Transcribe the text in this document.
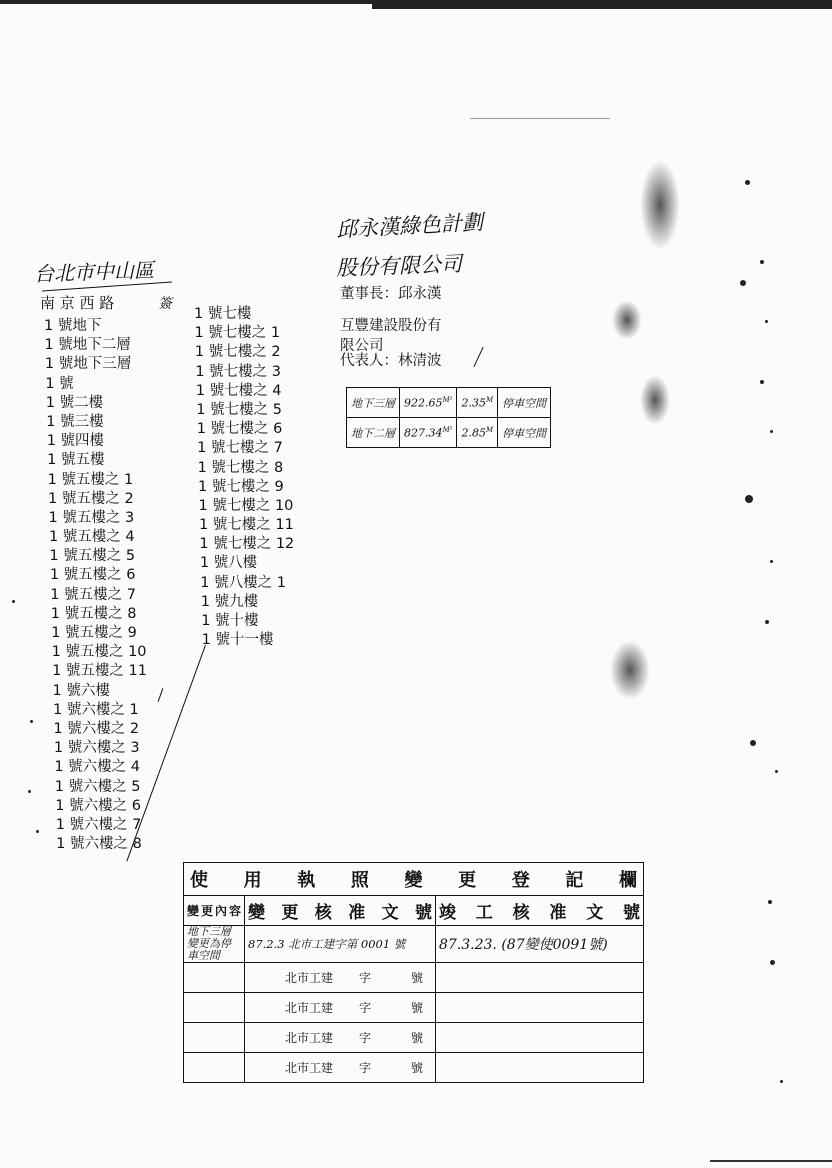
邱永漢綠色計劃
股份有限公司
董事長：邱永漢
互豐建設股份有
限公司
代表人：林清波
地下三層	$922.65^{M^2}$	$2.35^M$	停車空間
地下二層	$827.34^{M^2}$	$2.85^M$	停車空間
台北市中山區
南 京 西 路	簽
1 號地下
1 號地下二層
1 號地下三層
1 號
1 號二樓
1 號三樓
1 號四樓
1 號五樓
1 號五樓之 1
1 號五樓之 2
1 號五樓之 3
1 號五樓之 4
1 號五樓之 5
1 號五樓之 6
1 號五樓之 7
1 號五樓之 8
1 號五樓之 9
1 號五樓之 10
1 號五樓之 11
1 號六樓
1 號六樓之 1
1 號六樓之 2
1 號六樓之 3
1 號六樓之 4
1 號六樓之 5
1 號六樓之 6
1 號六樓之 7
1 號六樓之 8
1 號七樓
1 號七樓之 1
1 號七樓之 2
1 號七樓之 3
1 號七樓之 4
1 號七樓之 5
1 號七樓之 6
1 號七樓之 7
1 號七樓之 8
1 號七樓之 9
1 號七樓之 10
1 號七樓之 11
1 號七樓之 12
1 號八樓
1 號八樓之 1
1 號九樓
1 號十樓
1 號十一樓
使 用 執 照 變 更 登 記 欄		
變更內容	變 更 核 准 文 號	竣 工 核 准 文 號
地下三層變更為停車空間	87.2.3 北市工建字第 0001 號	87.3.23. (87變使0091號)
	北市工建 字 號	
	北市工建 字 號	
	北市工建 字 號	
	北市工建 字 號	
